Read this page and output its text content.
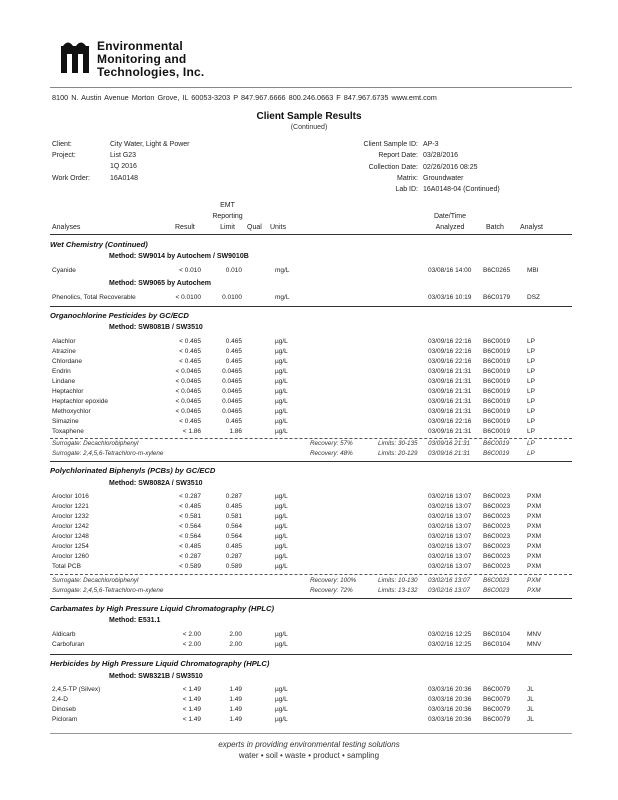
Environmental
Monitoring and
Technologies, Inc.
8100 N. Austin Avenue Morton Grove, IL 60053-3203 P 847.967.6666 800.246.0663 F 847.967.6735 www.emt.com
Client Sample Results
(Continued)
Client:	City Water, Light & Power
Project:	List G23
1Q 2016
Work Order:	16A0148
Client Sample ID: AP-3
Report Date: 03/28/2016
Collection Date: 02/26/2016 08:25
Matrix: Groundwater
Lab ID: 16A0148-04 (Continued)
Analyses	Result
EMT
Reporting
Limit	Qual Units
Date/Time
Analyzed	Batch Analyst
Wet Chemistry (Continued)
Method: SW9014 by Autochem / SW9010B
Cyanide	< 0.010	0.010	mg/L	03/08/16 14:00 B6C0265	MBI
Method: SW9065 by Autochem
Phenolics, Total Recoverable	< 0.0100	0.0100	mg/L	03/03/16 10:19 B6C0179	DSZ
Organochlorine Pesticides by GC/ECD
Method: SW8081B / SW3510
Alachlor	< 0.465	0.465	µg/L	03/09/16 22:16 B6C0019	LP
Atrazine	< 0.465	0.465	µg/L	03/09/16 22:16 B6C0019	LP
Chlordane	< 0.465	0.465	µg/L	03/09/16 22:16 B6C0019	LP
Endrin	< 0.0465	0.0465	µg/L	03/09/16 21:31 B6C0019	LP
Lindane	< 0.0465	0.0465	µg/L	03/09/16 21:31 B6C0019	LP
Heptachlor	< 0.0465	0.0465	µg/L	03/09/16 21:31 B6C0019	LP
Heptachlor epoxide	< 0.0465	0.0465	µg/L	03/09/16 21:31 B6C0019	LP
Methoxychlor	< 0.0465	0.0465	µg/L	03/09/16 21:31 B6C0019	LP
Simazine	< 0.465	0.465	µg/L	03/09/16 22:16 B6C0019	LP
Toxaphene	< 1.86	1.86	µg/L	03/09/16 21:31 B6C0019	LP
Surrogate: Decachlorobiphenyl	Recovery: 57%	Limits: 30-135 03/09/16 21:31 B6C0019	LP
Surrogate: 2,4,5,6-Tetrachloro-m-xylene	Recovery: 48%	Limits: 20-129 03/09/16 21:31 B6C0019	LP
Polychlorinated Biphenyls (PCBs) by GC/ECD
Method: SW8082A / SW3510
Aroclor 1016	< 0.287	0.287	µg/L	03/02/16 13:07 B6C0023	PXM
Aroclor 1221	< 0.485	0.485	µg/L	03/02/16 13:07 B6C0023	PXM
Aroclor 1232	< 0.581	0.581	µg/L	03/02/16 13:07 B6C0023	PXM
Aroclor 1242	< 0.564	0.564	µg/L	03/02/16 13:07 B6C0023	PXM
Aroclor 1248	< 0.564	0.564	µg/L	03/02/16 13:07 B6C0023	PXM
Aroclor 1254	< 0.485	0.485	µg/L	03/02/16 13:07 B6C0023	PXM
Aroclor 1260	< 0.287	0.287	µg/L	03/02/16 13:07 B6C0023	PXM
Total PCB	< 0.589	0.589	µg/L	03/02/16 13:07 B6C0023	PXM
Surrogate: Decachlorobiphenyl	Recovery: 100%	Limits: 10-130 03/02/16 13:07 B6C0023	PXM
Surrogate: 2,4,5,6-Tetrachloro-m-xylene	Recovery: 72%	Limits: 13-132 03/02/16 13:07 B6C0023	PXM
Carbamates by High Pressure Liquid Chromatography (HPLC)
Method: E531.1
Aldicarb	< 2.00	2.00	µg/L	03/02/16 12:25 B6C0104	MNV
Carbofuran	< 2.00	2.00	µg/L	03/02/16 12:25 B6C0104	MNV
Herbicides by High Pressure Liquid Chromatography (HPLC)
Method: SW8321B / SW3510
2,4,5-TP (Silvex)	< 1.49	1.49	µg/L	03/03/16 20:36 B6C0079	JL
2,4-D	< 1.49	1.49	µg/L	03/03/16 20:36 B6C0079	JL
Dinoseb	< 1.49	1.49	µg/L	03/03/16 20:36 B6C0079	JL
Picloram	< 1.49	1.49	µg/L	03/03/16 20:36 B6C0079	JL
experts in providing environmental testing solutions
water • soil • waste • product • sampling
